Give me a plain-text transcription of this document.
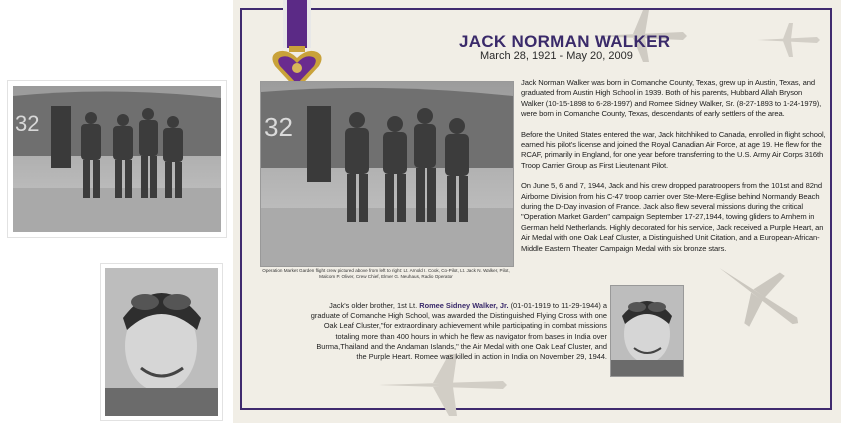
32
JACK NORMAN WALKER
March 28, 1921 - May 20, 2009
32
Operation Market Garden flight crew pictured above from left to right: Lt. Arnold I. Cook, Co-Pilot, Lt. Jack N. Walker, Pilot, Malcom P. Oliver, Crew Chief, Elmer G. Neuhaus, Radio Operator

Jack Norman Walker was born in Comanche County, Texas, grew up in Austin, Texas, and graduated from Austin High School in 1939. Both of his parents, Hubbard Allah Bryson Walker (10-15-1898 to 6-28-1997) and Romee Sidney Walker, Sr. (8-27-1893 to 1-24-1979), were born in Comanche County, Texas, descendants of early settlers of the area.

Before the United States entered the war, Jack hitchhiked to Canada, enrolled in flight school, earned his pilot's license and joined the Royal Canadian Air Force, at age 19. He flew for the RCAF, primarily in England, for one year before transferring to the U.S. Army Air Corps 316th Troop Carrier Group as First Lieutenant Pilot.

On June 5, 6 and 7, 1944, Jack and his crew dropped paratroopers from the 101st and 82nd Airborne Division from his C-47 troop carrier over Ste-Mere-Eglise behind Normandy Beach during the D-Day invasion of France. Jack also flew several missions during the critical "Operation Market Garden" campaign September 17-27,1944, towing gliders to Arnhem in German held Netherlands. Highly decorated for his service, Jack received a Purple Heart, an Air Medal with one Oak Leaf Cluster, a Distinguished Unit Citation, and a European-African-Middle Eastern Theater Campaign Medal with six bronze stars.

Jack's older brother, 1st Lt. Romee Sidney Walker, Jr. (01-01-1919 to 11-29-1944) a graduate of Comanche High School, was awarded the Distinguished Flying Cross with one Oak Leaf Cluster,"for extraordinary achievement while participating in combat missions totaling more than 400 hours in which he flew as navigator from bases in India over Burma,Thailand and the Andaman Islands," the Air Medal with one Oak Leaf Cluster, and the Purple Heart. Romee was killed in action in India on November 29, 1944.
